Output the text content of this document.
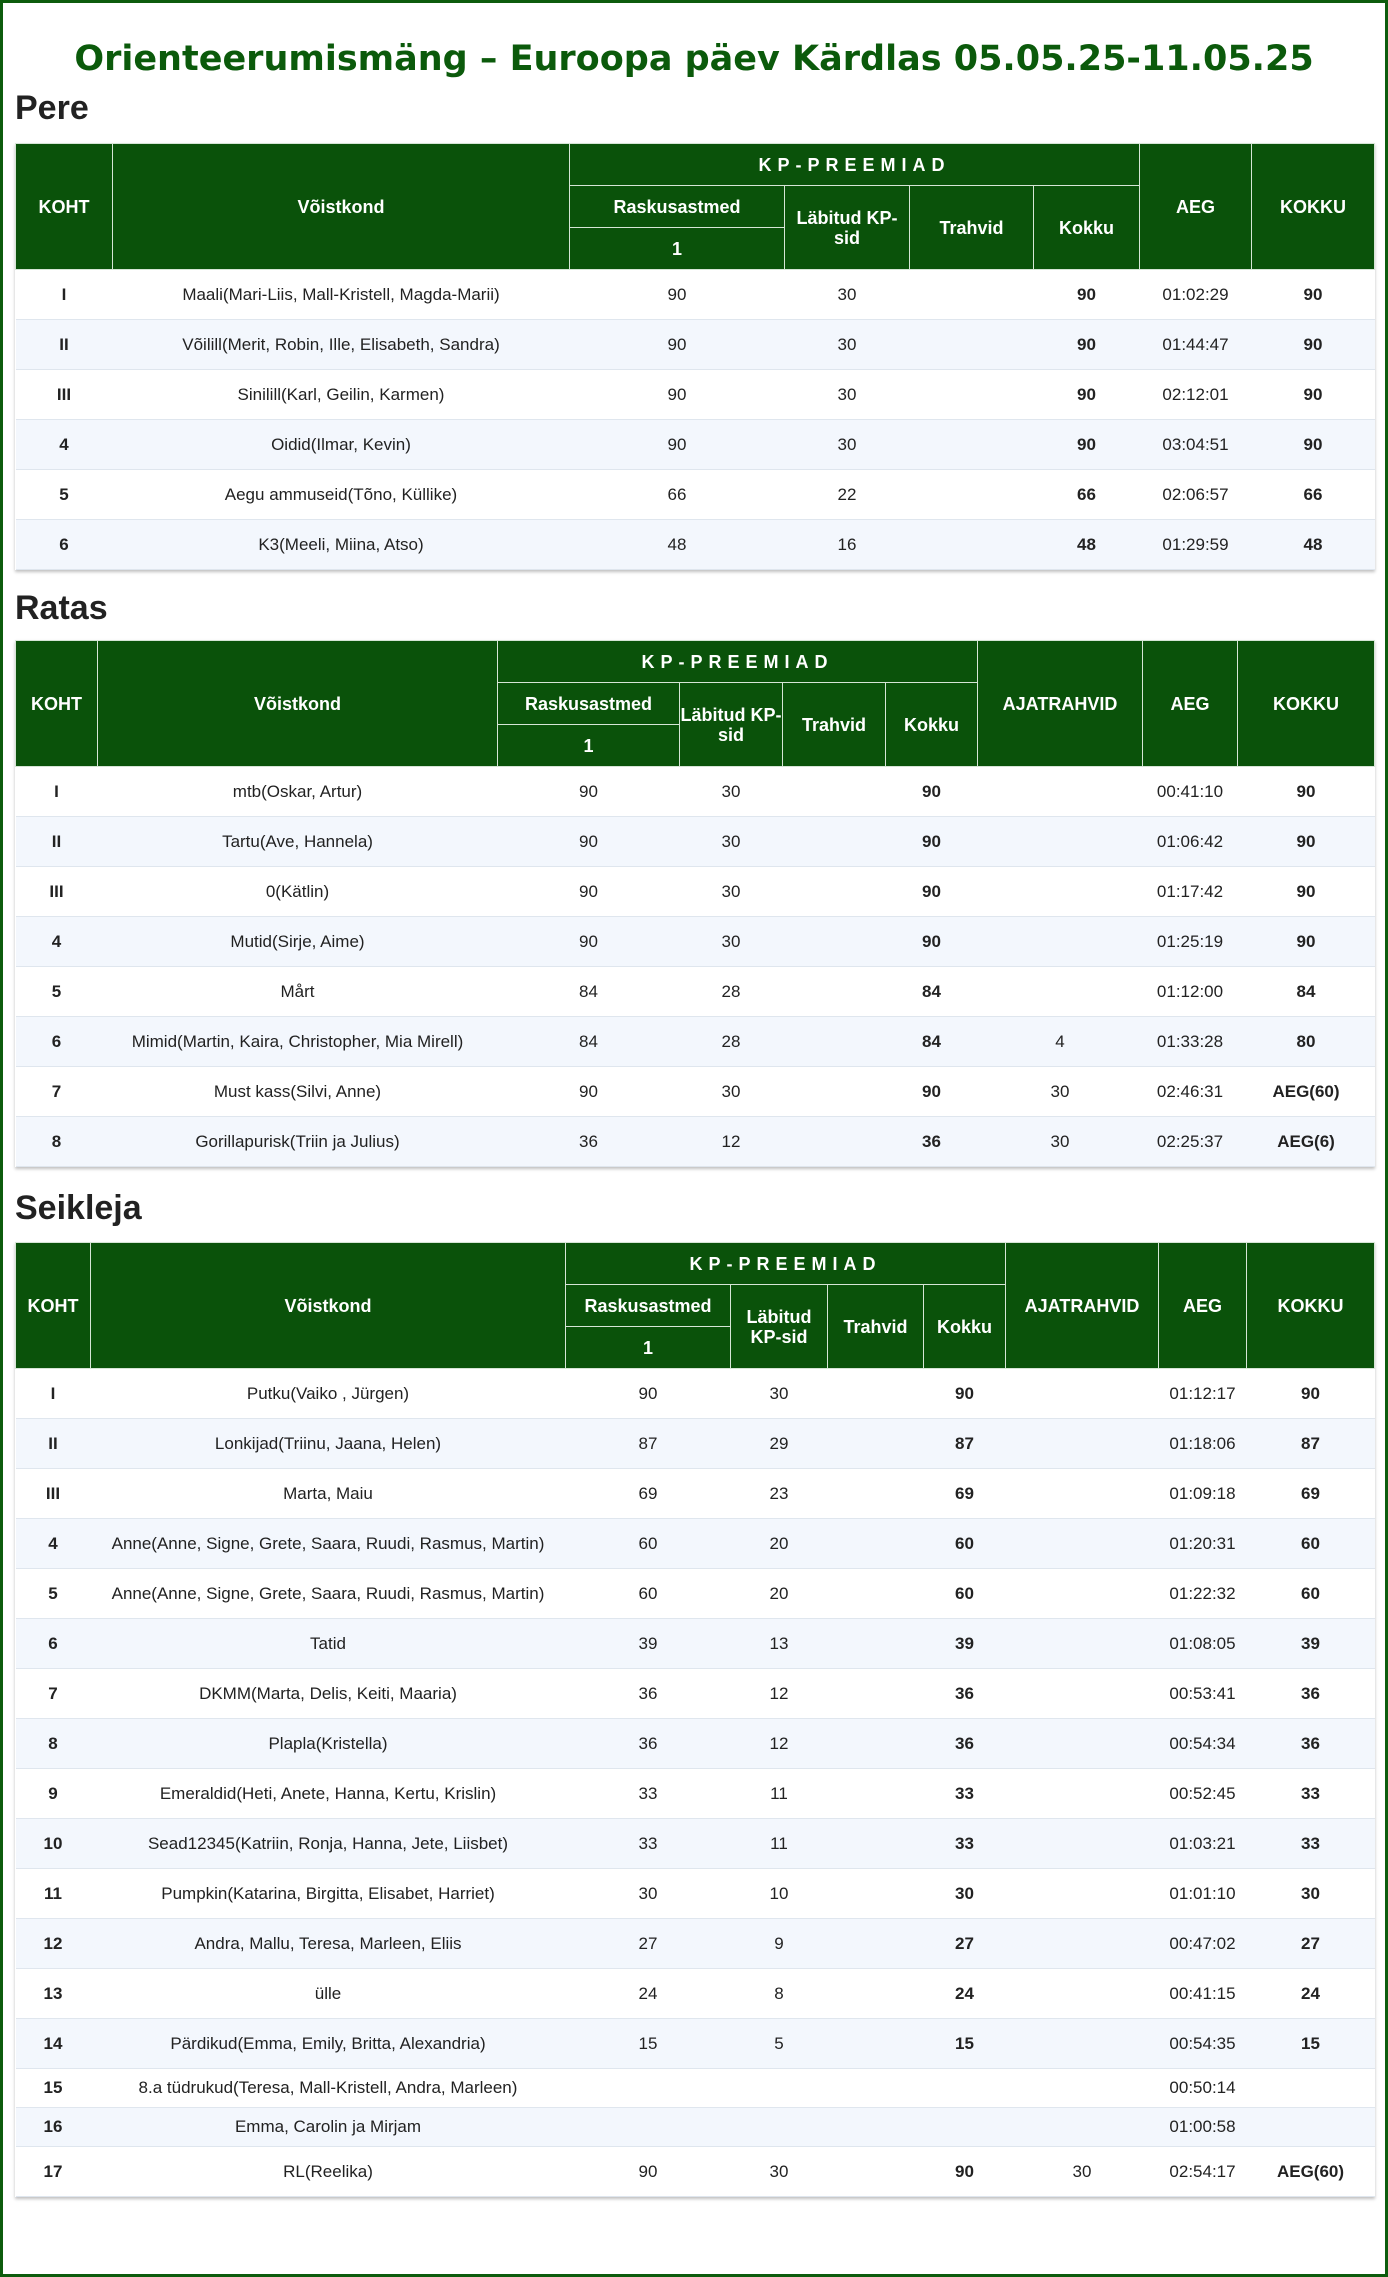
Orienteerumismäng – Euroopa päev Kärdlas 05.05.25-11.05.25
Pere
KOHT	Võistkond	KP-PREEMIAD				AEG	KOKKU
		Raskusastmed	Läbitud KP-sid	Trahvid	Kokku		
		1					
I	Maali(Mari-Liis, Mall-Kristell, Magda-Marii)	90	30		90	01:02:29	90
II	Võilill(Merit, Robin, Ille, Elisabeth, Sandra)	90	30		90	01:44:47	90
III	Sinilill(Karl, Geilin, Karmen)	90	30		90	02:12:01	90
4	Oidid(Ilmar, Kevin)	90	30		90	03:04:51	90
5	Aegu ammuseid(Tõno, Küllike)	66	22		66	02:06:57	66
6	K3(Meeli, Miina, Atso)	48	16		48	01:29:59	48
Ratas
KOHT	Võistkond	KP-PREEMIAD				AJATRAHVID	AEG	KOKKU
		Raskusastmed	Läbitud KP-sid	Trahvid	Kokku			
		1						
I	mtb(Oskar, Artur)	90	30		90		00:41:10	90
II	Tartu(Ave, Hannela)	90	30		90		01:06:42	90
III	0(Kätlin)	90	30		90		01:17:42	90
4	Mutid(Sirje, Aime)	90	30		90		01:25:19	90
5	Mårt	84	28		84		01:12:00	84
6	Mimid(Martin, Kaira, Christopher, Mia Mirell)	84	28		84	4	01:33:28	80
7	Must kass(Silvi, Anne)	90	30		90	30	02:46:31	AEG(60)
8	Gorillapurisk(Triin ja Julius)	36	12		36	30	02:25:37	AEG(6)
Seikleja
KOHT	Võistkond	KP-PREEMIAD				AJATRAHVID	AEG	KOKKU
		Raskusastmed	Läbitud KP-sid	Trahvid	Kokku			
		1						
I	Putku(Vaiko , Jürgen)	90	30		90		01:12:17	90
II	Lonkijad(Triinu, Jaana, Helen)	87	29		87		01:18:06	87
III	Marta, Maiu	69	23		69		01:09:18	69
4	Anne(Anne, Signe, Grete, Saara, Ruudi, Rasmus, Martin)	60	20		60		01:20:31	60
5	Anne(Anne, Signe, Grete, Saara, Ruudi, Rasmus, Martin)	60	20		60		01:22:32	60
6	Tatid	39	13		39		01:08:05	39
7	DKMM(Marta, Delis, Keiti, Maaria)	36	12		36		00:53:41	36
8	Plapla(Kristella)	36	12		36		00:54:34	36
9	Emeraldid(Heti, Anete, Hanna, Kertu, Krislin)	33	11		33		00:52:45	33
10	Sead12345(Katriin, Ronja, Hanna, Jete, Liisbet)	33	11		33		01:03:21	33
11	Pumpkin(Katarina, Birgitta, Elisabet, Harriet)	30	10		30		01:01:10	30
12	Andra, Mallu, Teresa, Marleen, Eliis	27	9		27		00:47:02	27
13	ülle	24	8		24		00:41:15	24
14	Pärdikud(Emma, Emily, Britta, Alexandria)	15	5		15		00:54:35	15
15	8.a tüdrukud(Teresa, Mall-Kristell, Andra, Marleen)						00:50:14	
16	Emma, Carolin ja Mirjam						01:00:58	
17	RL(Reelika)	90	30		90	30	02:54:17	AEG(60)
